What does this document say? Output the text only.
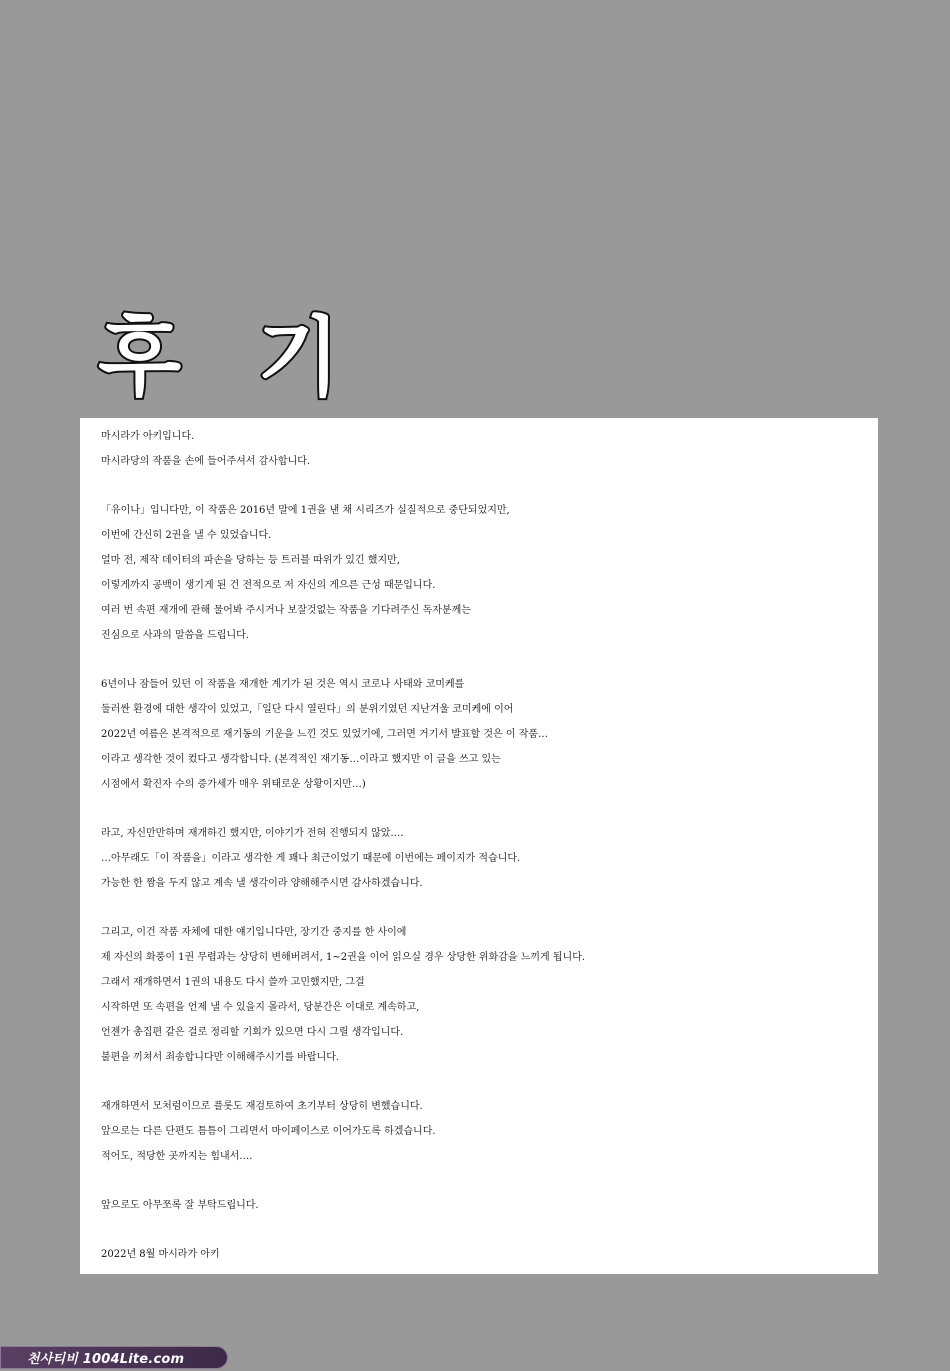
후 기
마시라가 아키입니다.
마시라당의 작품을 손에 들어주셔서 감사합니다.
「유이나」입니다만, 이 작품은 2016년 말에 1권을 낸 채 시리즈가 실질적으로 중단되었지만,
이번에 간신히 2권을 낼 수 있었습니다.
얼마 전, 제작 데이터의 파손을 당하는 등 트러블 따위가 있긴 했지만,
이렇게까지 공백이 생기게 된 건 전적으로 저 자신의 게으른 근성 때문입니다.
여러 번 속편 재개에 관해 물어봐 주시거나 보잘것없는 작품을 기다려주신 독자분께는
진심으로 사과의 말씀을 드립니다.
6년이나 잠들어 있던 이 작품을 재개한 계기가 된 것은 역시 코로나 사태와 코미케를
둘러싼 환경에 대한 생각이 있었고,「일단 다시 열린다」의 분위기였던 지난겨울 코미케에 이어
2022년 여름은 본격적으로 재기동의 기운을 느낀 것도 있었기에, 그러면 거기서 발표할 것은 이 작품…
이라고 생각한 것이 컸다고 생각합니다. (본격적인 재기동…이라고 했지만 이 글을 쓰고 있는
시점에서 확진자 수의 증가세가 매우 위태로운 상황이지만…)
라고, 자신만만하며 재개하긴 했지만, 이야기가 전혀 진행되지 않았….
…아무래도「이 작품을」이라고 생각한 게 꽤나 최근이었기 때문에 이번에는 페이지가 적습니다.
가능한 한 짬을 두지 않고 계속 낼 생각이라 양해해주시면 감사하겠습니다.
그리고, 이건 작품 자체에 대한 얘기입니다만, 장기간 중지를 한 사이에
제 자신의 화풍이 1권 무렵과는 상당히 변해버려서, 1~2권을 이어 읽으실 경우 상당한 위화감을 느끼게 됩니다.
그래서 재개하면서 1권의 내용도 다시 쓸까 고민했지만, 그걸
시작하면 또 속편을 언제 낼 수 있을지 몰라서, 당분간은 이대로 계속하고,
언젠가 총집편 같은 걸로 정리할 기회가 있으면 다시 그릴 생각입니다.
불편을 끼쳐서 죄송합니다만 이해해주시기를 바랍니다.
재개하면서 모처럼이므로 플롯도 재검토하여 초기부터 상당히 변했습니다.
앞으로는 다른 단편도 틈틈이 그리면서 마이페이스로 이어가도록 하겠습니다.
적어도, 적당한 곳까지는 힘내서….
앞으로도 아무쪼록 잘 부탁드립니다.
2022년 8월 마시라가 아키
천사티비 1004Lite.com
